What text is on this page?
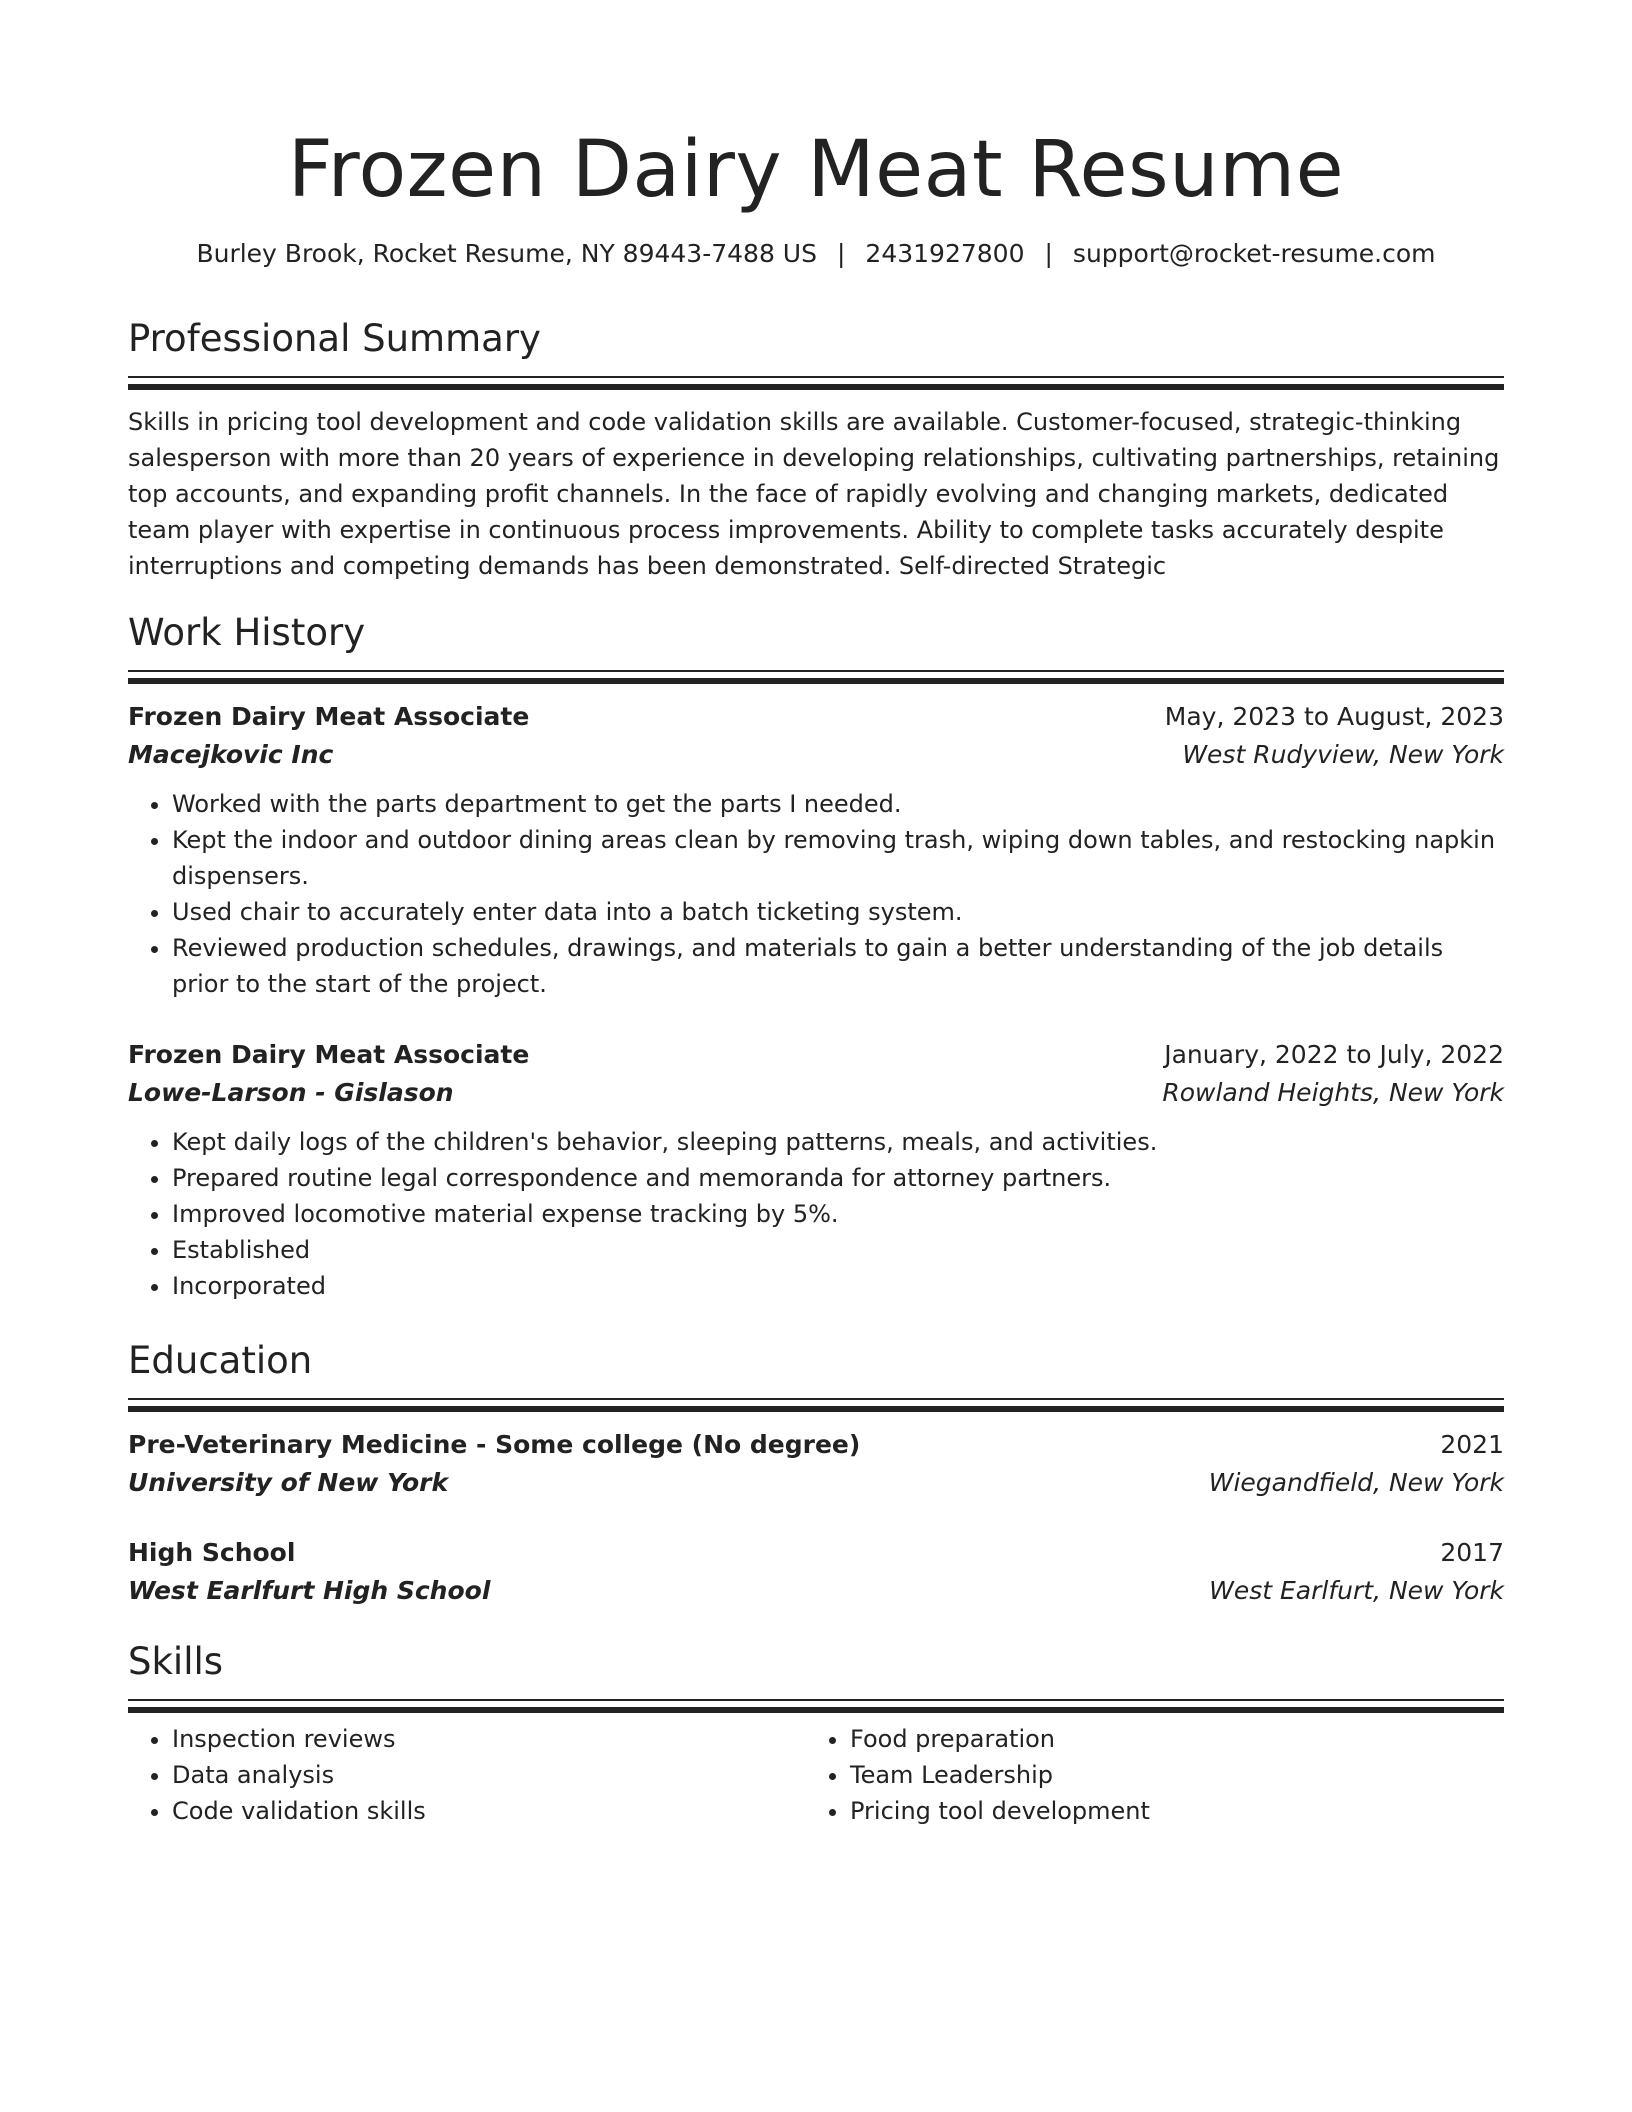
Frozen Dairy Meat Resume
Burley Brook, Rocket Resume, NY 89443-7488 US | 2431927800 | support@rocket-resume.com
Professional Summary
Skills in pricing tool development and code validation skills are available. Customer-focused, strategic-thinking salesperson with more than 20 years of experience in developing relationships, cultivating partnerships, retaining top accounts, and expanding profit channels. In the face of rapidly evolving and changing markets, dedicated team player with expertise in continuous process improvements. Ability to complete tasks accurately despite interruptions and competing demands has been demonstrated. Self-directed Strategic
Work History
Frozen Dairy Meat Associate	May, 2023 to August, 2023
Macejkovic Inc	West Rudyview, New York
• Worked with the parts department to get the parts I needed.
• Kept the indoor and outdoor dining areas clean by removing trash, wiping down tables, and restocking napkin dispensers.
• Used chair to accurately enter data into a batch ticketing system.
• Reviewed production schedules, drawings, and materials to gain a better understanding of the job details prior to the start of the project.
Frozen Dairy Meat Associate	January, 2022 to July, 2022
Lowe-Larson - Gislason	Rowland Heights, New York
• Kept daily logs of the children's behavior, sleeping patterns, meals, and activities.
• Prepared routine legal correspondence and memoranda for attorney partners.
• Improved locomotive material expense tracking by 5%.
• Established
• Incorporated
Education
Pre-Veterinary Medicine - Some college (No degree)	2021
University of New York	Wiegandfield, New York
High School	2017
West Earlfurt High School	West Earlfurt, New York
Skills
• Inspection reviews
• Data analysis
• Code validation skills
• Food preparation
• Team Leadership
• Pricing tool development
